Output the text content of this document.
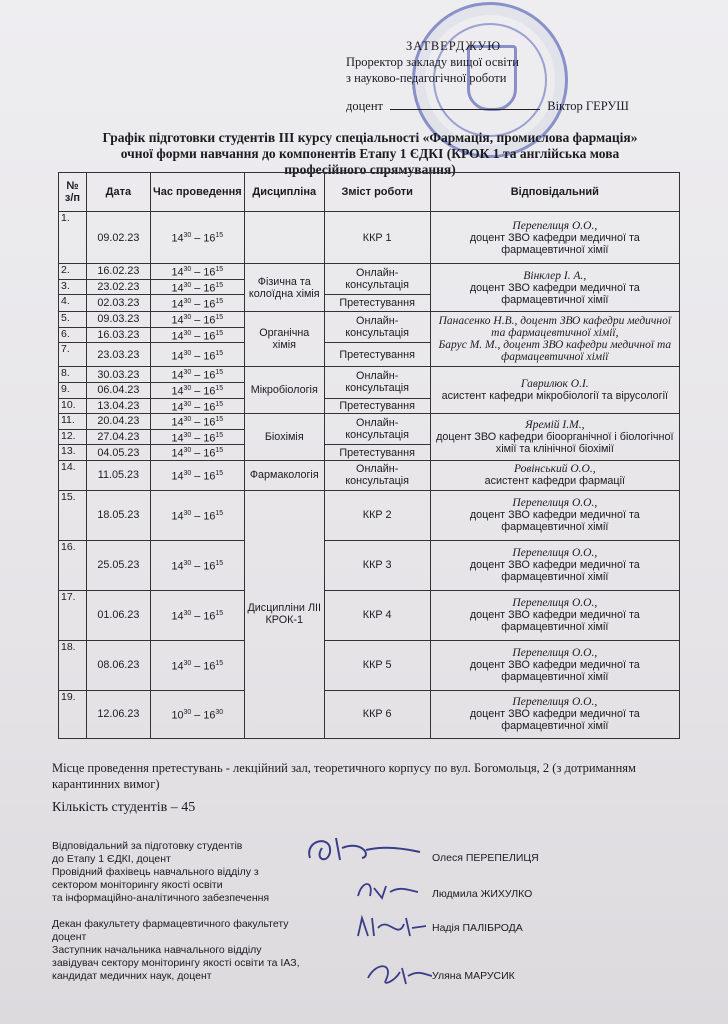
ЗАТВЕРДЖУЮ
Проректор закладу вищої освіти
з науково-педагогічної роботи
доцент	Віктор ГЕРУШ
Графік підготовки студентів ІІІ курсу спеціальності «Фармація, промислова фармація»
очної форми навчання до компонентів Етапу 1 ЄДКІ (КРОК 1 та англійська мова
професійного спрямування)
№ з/п	Дата	Час проведення	Дисципліна	Зміст роботи	Відповідальний
1.	09.02.23	$14^{30} - 16^{15}$		ККР 1	Перепелиця О.О.,
доцент ЗВО кафедри медичної та фармацевтичної хімії

2.	16.02.23	$14^{30} - 16^{15}$	Фізична та колоїдна хімія	Онлайн-консультація	Вінклер І. А.,
доцент ЗВО кафедри медичної та фармацевтичної хімії

3.	23.02.23	$14^{30} - 16^{15}$
4.	02.03.23	$14^{30} - 16^{15}$		Претестування	
5.	09.03.23	$14^{30} - 16^{15}$	Органічна хімія	Онлайн-консультація	Панасенко Н.В., доцент ЗВО кафедри медичної та фармацевтичної хімії,
Барус М. М., доцент ЗВО кафедри медичної та фармацевтичної хімії

6.	16.03.23	$14^{30} - 16^{15}$
7.	23.03.23	$14^{30} - 16^{15}$		Претестування	
8.	30.03.23	$14^{30} - 16^{15}$	Мікробіологія	Онлайн-консультація	Гаврилюк О.І.
асистент кафедри мікробіології та вірусології

9.	06.04.23	$14^{30} - 16^{15}$
10.	13.04.23	$14^{30} - 16^{15}$		Претестування	
11.	20.04.23	$14^{30} - 16^{15}$	Біохімія	Онлайн-консультація	Яремій І.М.,
доцент ЗВО кафедри біоорганічної і біологічної хімії та клінічної біохімії

12.	27.04.23	$14^{30} - 16^{15}$
13.	04.05.23	$14^{30} - 16^{15}$		Претестування	
14.	11.05.23	$14^{30} - 16^{15}$	Фармакологія	Онлайн-консультація	Ровінський О.О.,
асистент кафедри фармації

15.	18.05.23	$14^{30} - 16^{15}$	Дисципліни ЛІІ КРОК-1	ККР 2	Перепелиця О.О.,
доцент ЗВО кафедри медичної та фармацевтичної хімії

16.	25.05.23	$14^{30} - 16^{15}$		ККР 3	Перепелиця О.О.,
доцент ЗВО кафедри медичної та фармацевтичної хімії

17.	01.06.23	$14^{30} - 16^{15}$		ККР 4	Перепелиця О.О.,
доцент ЗВО кафедри медичної та фармацевтичної хімії

18.	08.06.23	$14^{30} - 16^{15}$		ККР 5	Перепелиця О.О.,
доцент ЗВО кафедри медичної та фармацевтичної хімії

19.	12.06.23	$10^{30} - 16^{30}$		ККР 6	Перепелиця О.О.,
доцент ЗВО кафедри медичної та фармацевтичної хімії
Місце проведення претестувань - лекційний зал, теоретичного корпусу по вул. Богомольця, 2 (з дотриманням карантинних вимог)
Кількість студентів – 45
Відповідальний за підготовку студентів
до Етапу 1 ЄДКІ, доцент	Олеся ПЕРЕПЕЛИЦЯ
Провідний фахівець навчального відділу з
сектором моніторингу якості освіти
та інформаційно-аналітичного забезпечення	Людмила ЖИХУЛКО
Декан факультету фармацевтичного факультету
доцент
Надія ПАЛІБРОДА
Заступник начальника навчального відділу
завідувач сектору моніторингу якості освіти та ІАЗ,
кандидат медичних наук, доцент	Уляна МАРУСИК
